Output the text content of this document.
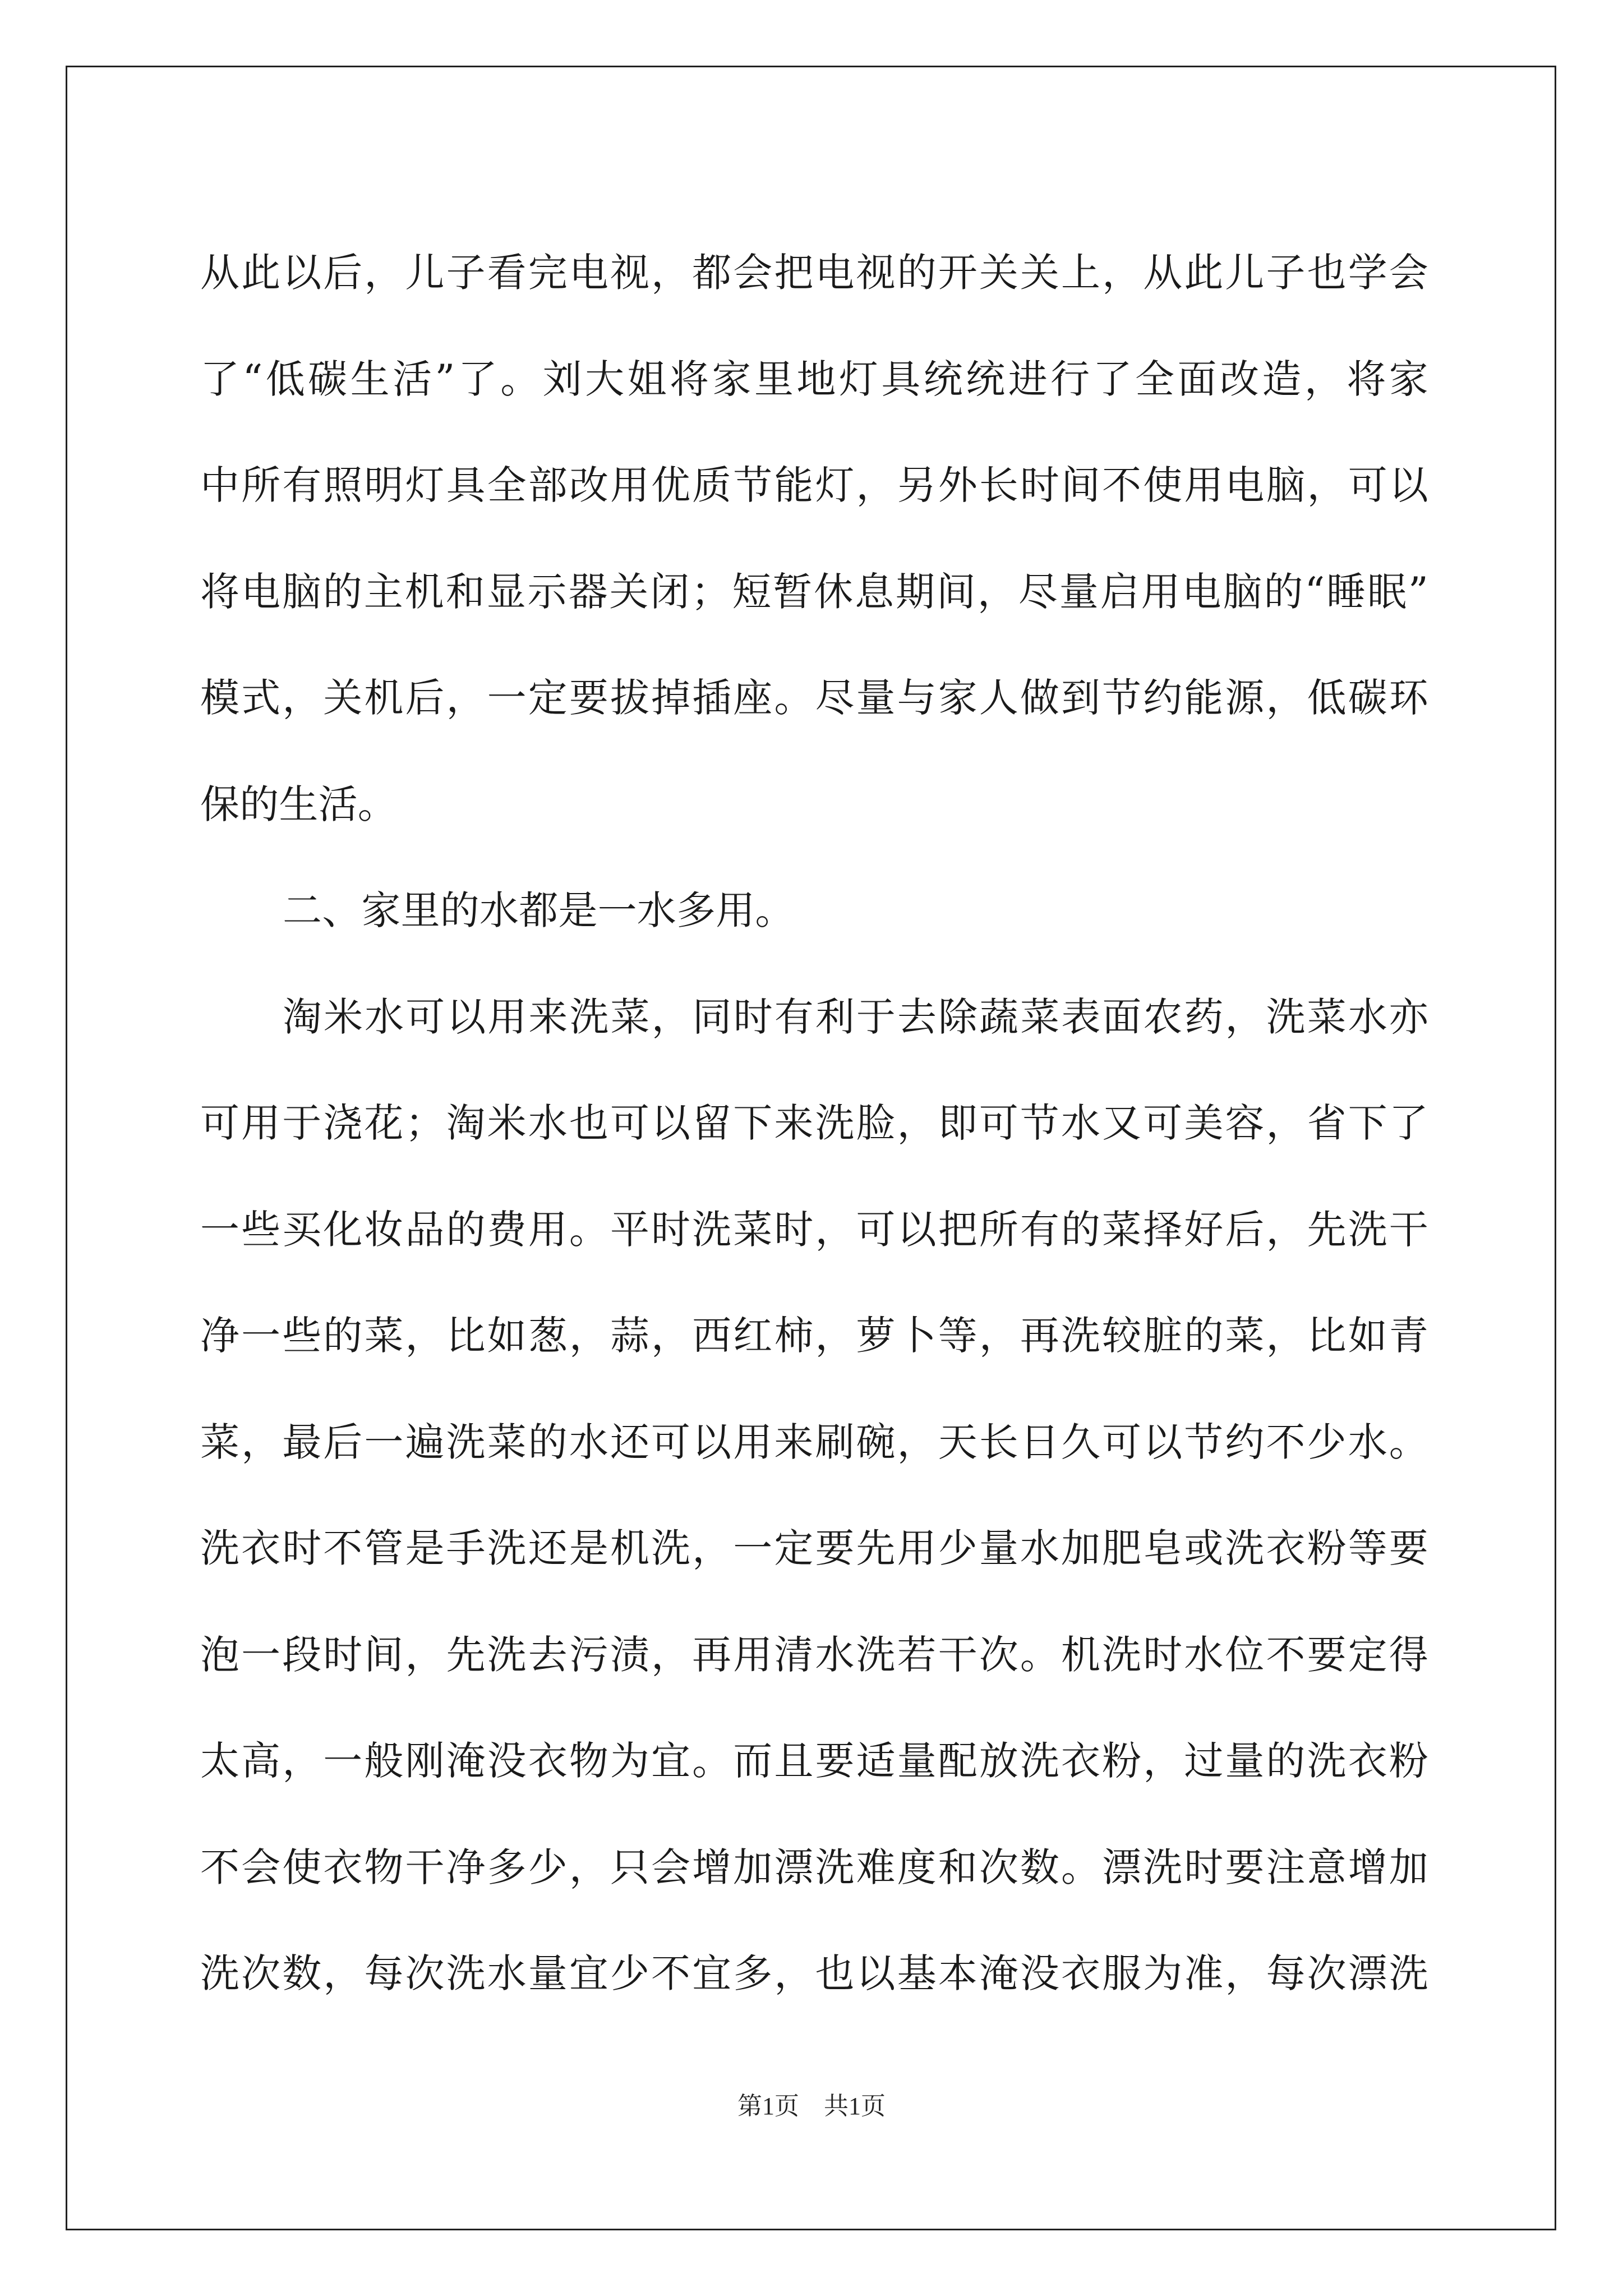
从此以后，儿子看完电视，都会把电视的开关关上，从此儿子也学会
了“低碳生活”了。刘大姐将家里地灯具统统进行了全面改造，将家
中所有照明灯具全部改用优质节能灯，另外长时间不使用电脑，可以
将电脑的主机和显示器关闭；短暂休息期间，尽量启用电脑的“睡眠”
模式，关机后，一定要拔掉插座。尽量与家人做到节约能源，低碳环
保的生活。
二、家里的水都是一水多用。
淘米水可以用来洗菜，同时有利于去除蔬菜表面农药，洗菜水亦
可用于浇花；淘米水也可以留下来洗脸，即可节水又可美容，省下了
一些买化妆品的费用。平时洗菜时，可以把所有的菜择好后，先洗干
净一些的菜，比如葱，蒜，西红柿，萝卜等，再洗较脏的菜，比如青
菜，最后一遍洗菜的水还可以用来刷碗，天长日久可以节约不少水。
洗衣时不管是手洗还是机洗，一定要先用少量水加肥皂或洗衣粉等要
泡一段时间，先洗去污渍，再用清水洗若干次。机洗时水位不要定得
太高，一般刚淹没衣物为宜。而且要适量配放洗衣粉，过量的洗衣粉
不会使衣物干净多少，只会增加漂洗难度和次数。漂洗时要注意增加
洗次数，每次洗水量宜少不宜多，也以基本淹没衣服为准，每次漂洗
第1页　共1页
